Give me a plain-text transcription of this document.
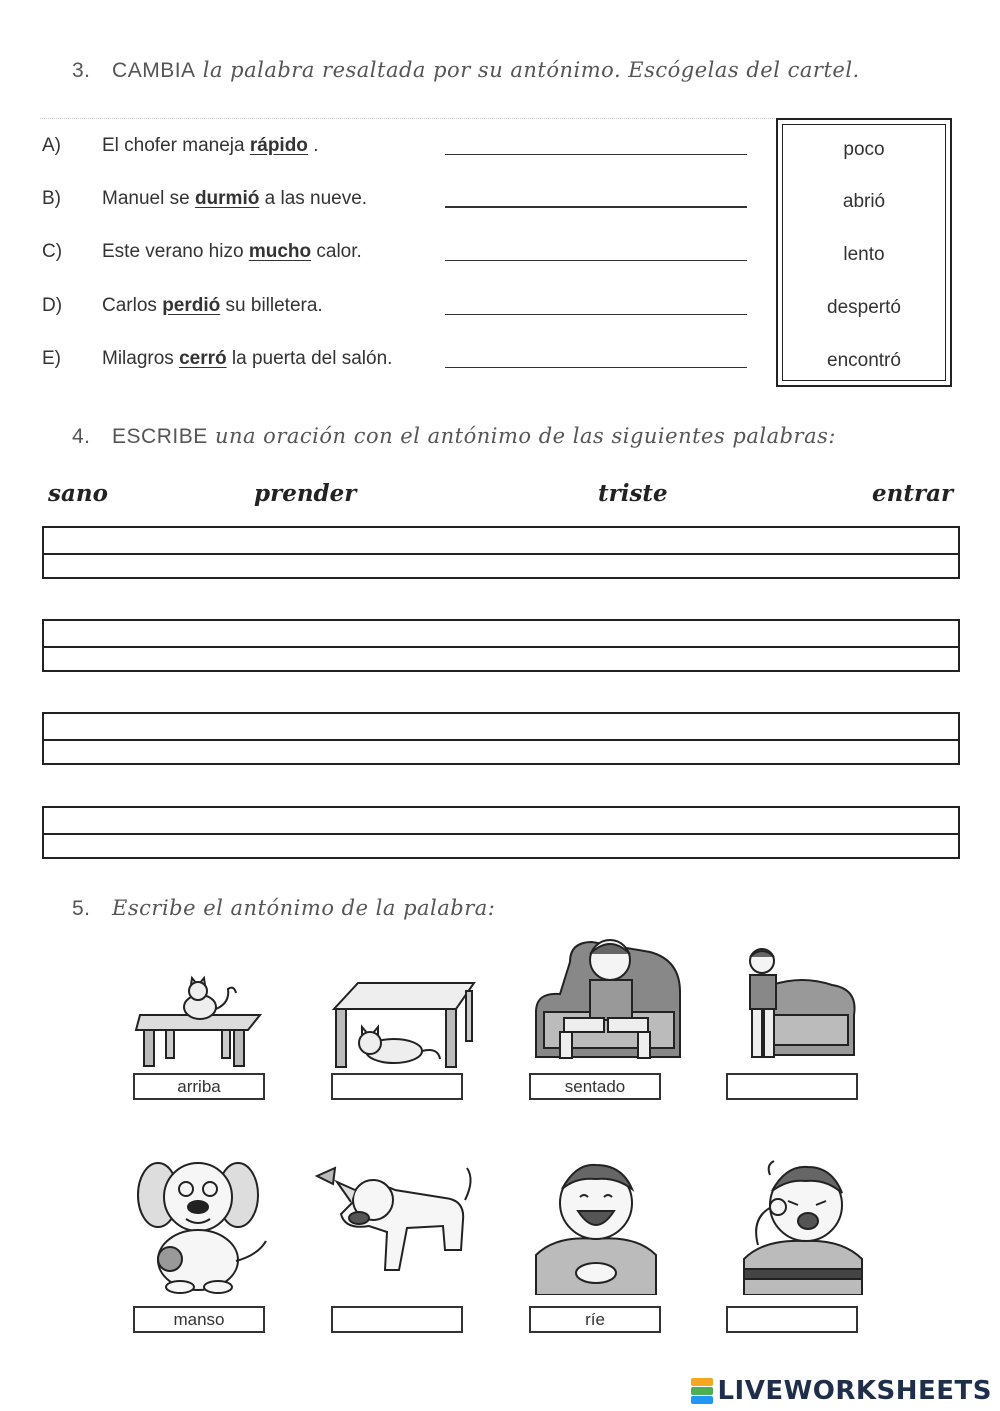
3. CAMBIA la palabra resaltada por su antónimo. Escógelas del cartel.
A) El chofer maneja rápido .
B) Manuel se durmió a las nueve.
C) Este verano hizo mucho calor.
D) Carlos perdió su billetera.
E) Milagros cerró la puerta del salón.
poco
abrió
lento
despertó
encontró
4. ESCRIBE una oración con el antónimo de las siguientes palabras:
sano	prender	triste	entrar
5. Escribe el antónimo de la palabra:
arriba	sentado
manso	ríe
LIVEWORKSHEETS
